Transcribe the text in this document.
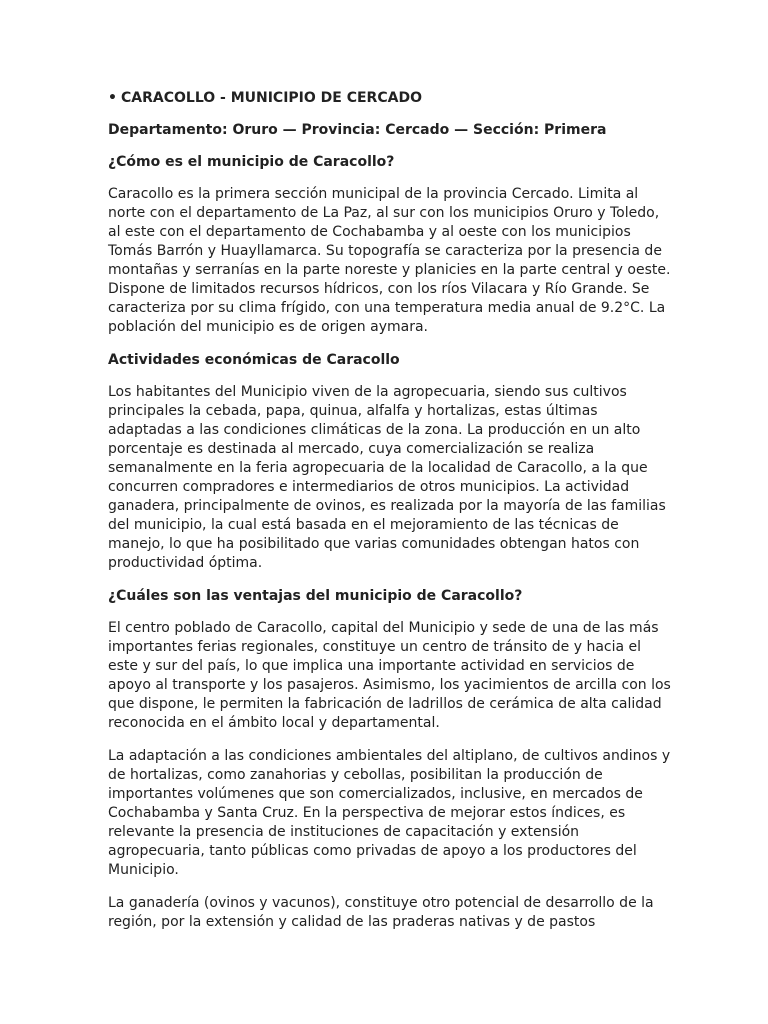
• CARACOLLO - MUNICIPIO DE CERCADO
Departamento: Oruro — Provincia: Cercado — Sección: Primera
¿Cómo es el municipio de Caracollo?

Caracollo es la primera sección municipal de la provincia Cercado. Limita al norte con el departamento de La Paz, al sur con los municipios Oruro y Toledo, al este con el departamento de Cochabamba y al oeste con los municipios Tomás Barrón y Huayllamarca. Su topografía se caracteriza por la presencia de montañas y serranías en la parte noreste y planicies en la parte central y oeste. Dispone de limitados recursos hídricos, con los ríos Vilacara y Río Grande. Se caracteriza por su clima frígido, con una temperatura media anual de 9.2°C. La población del municipio es de origen aymara.

Actividades económicas de Caracollo

Los habitantes del Municipio viven de la agropecuaria, siendo sus cultivos principales la cebada, papa, quinua, alfalfa y hortalizas, estas últimas adaptadas a las condiciones climáticas de la zona. La producción en un alto porcentaje es destinada al mercado, cuya comercialización se realiza semanalmente en la feria agropecuaria de la localidad de Caracollo, a la que concurren compradores e intermediarios de otros municipios. La actividad ganadera, principalmente de ovinos, es realizada por la mayoría de las familias del municipio, la cual está basada en el mejoramiento de las técnicas de manejo, lo que ha posibilitado que varias comunidades obtengan hatos con productividad óptima.

¿Cuáles son las ventajas del municipio de Caracollo?

El centro poblado de Caracollo, capital del Municipio y sede de una de las más importantes ferias regionales, constituye un centro de tránsito de y hacia el este y sur del país, lo que implica una importante actividad en servicios de apoyo al transporte y los pasajeros. Asimismo, los yacimientos de arcilla con los que dispone, le permiten la fabricación de ladrillos de cerámica de alta calidad reconocida en el ámbito local y departamental.

La adaptación a las condiciones ambientales del altiplano, de cultivos andinos y de hortalizas, como zanahorias y cebollas, posibilitan la producción de importantes volúmenes que son comercializados, inclusive, en mercados de Cochabamba y Santa Cruz. En la perspectiva de mejorar estos índices, es relevante la presencia de instituciones de capacitación y extensión agropecuaria, tanto públicas como privadas de apoyo a los productores del Municipio.

La ganadería (ovinos y vacunos), constituye otro potencial de desarrollo de la región, por la extensión y calidad de las praderas nativas y de pastos
